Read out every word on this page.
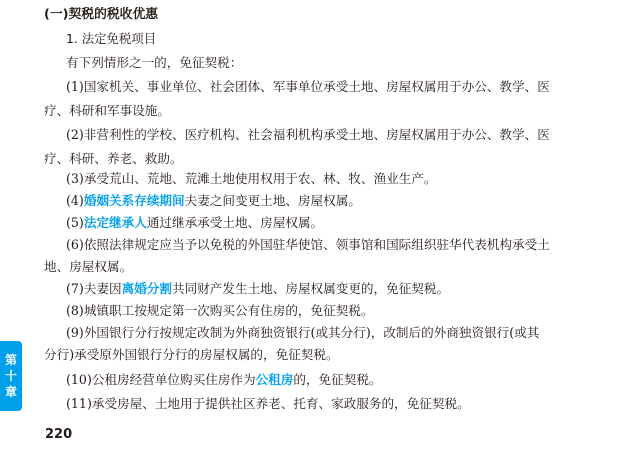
(一)契税的税收优惠
1. 法定免税项目
有下列情形之一的，免征契税：
(1)国家机关、事业单位、社会团体、军事单位承受土地、房屋权属用于办公、教学、医
疗、科研和军事设施。
(2)非营利性的学校、医疗机构、社会福利机构承受土地、房屋权属用于办公、教学、医
疗、科研、养老、救助。
(3)承受荒山、荒地、荒滩土地使用权用于农、林、牧、渔业生产。
(4)婚姻关系存续期间夫妻之间变更土地、房屋权属。
(5)法定继承人通过继承承受土地、房屋权属。
(6)依照法律规定应当予以免税的外国驻华使馆、领事馆和国际组织驻华代表机构承受土
地、房屋权属。
(7)夫妻因离婚分割共同财产发生土地、房屋权属变更的，免征契税。
(8)城镇职工按规定第一次购买公有住房的，免征契税。
(9)外国银行分行按规定改制为外商独资银行(或其分行)，改制后的外商独资银行(或其
分行)承受原外国银行分行的房屋权属的，免征契税。
(10)公租房经营单位购买住房作为公租房的，免征契税。
(11)承受房屋、土地用于提供社区养老、托育、家政服务的，免征契税。
第
十
章
220
